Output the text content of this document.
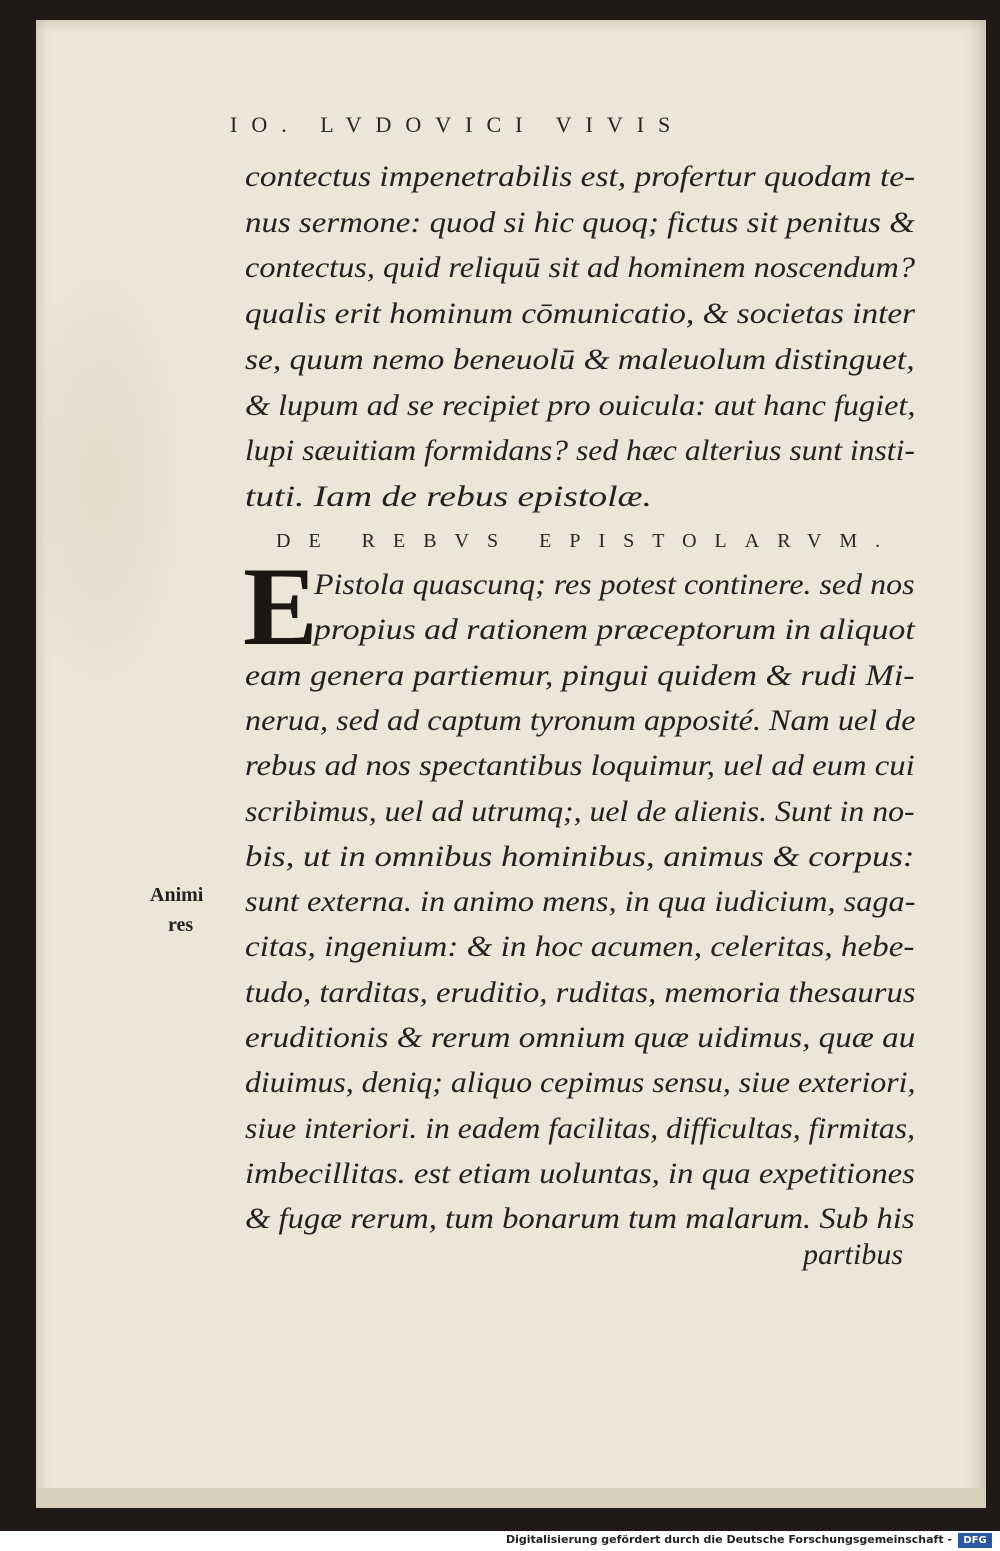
IO. LVDOVICI VIVIS
contectus impenetrabilis est, profertur quodam te-
nus sermone: quod si hic quoq; fictus sit penitus &
contectus, quid reliquū sit ad hominem noscendum?
qualis erit hominum cōmunicatio, & societas inter
se, quum nemo beneuolū & maleuolum distinguet,
& lupum ad se recipiet pro ouicula: aut hanc fugiet,
lupi sæuitiam formidans? sed hæc alterius sunt insti-
tuti. Iam de rebus epistolæ.
DE REBVS EPISTOLARVM.
E
Pistola quascunq; res potest continere. sed nos
propius ad rationem præceptorum in aliquot
eam genera partiemur, pingui quidem & rudi Mi-
nerua, sed ad captum tyronum apposité. Nam uel de
rebus ad nos spectantibus loquimur, uel ad eum cui
scribimus, uel ad utrumq;, uel de alienis. Sunt in no-
bis, ut in omnibus hominibus, animus & corpus:
sunt externa. in animo mens, in qua iudicium, saga-
citas, ingenium: & in hoc acumen, celeritas, hebe-
tudo, tarditas, eruditio, ruditas, memoria thesaurus
eruditionis & rerum omnium quæ uidimus, quæ au
diuimus, deniq; aliquo cepimus sensu, siue exteriori,
siue interiori. in eadem facilitas, difficultas, firmitas,
imbecillitas. est etiam uoluntas, in qua expetitiones
& fugæ rerum, tum bonarum tum malarum. Sub his
Animi
res
partibus
Digitalisierung gefördert durch die Deutsche Forschungsgemeinschaft -	DFG
